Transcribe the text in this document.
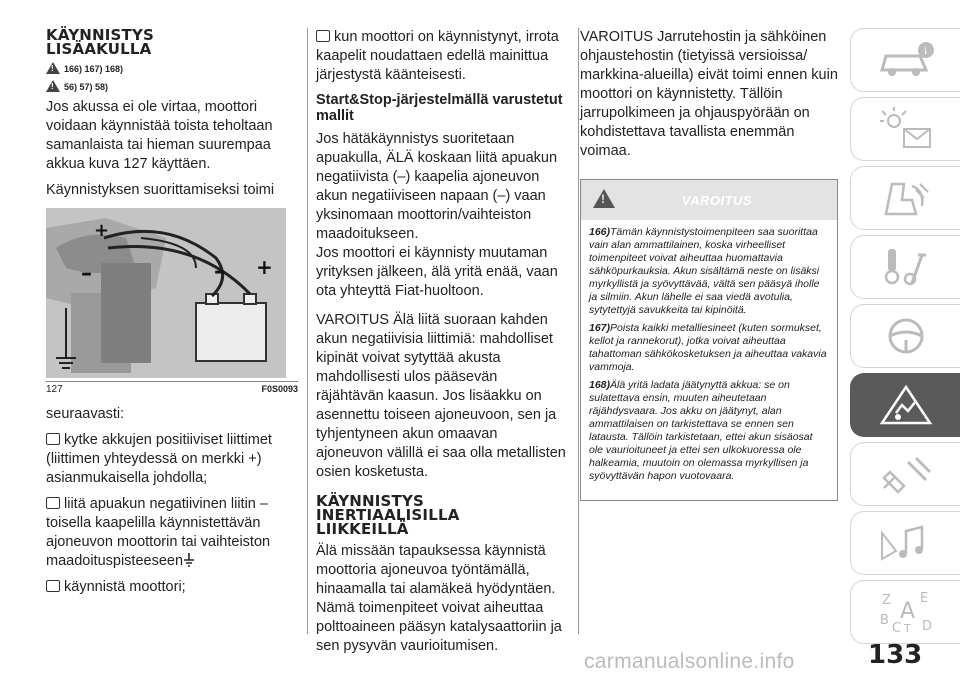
KÄYNNISTYS
LISÄAKULLA
!
166) 167) 168)
!
56) 57) 58)

Jos akussa ei ole virtaa, moottori voidaan käynnistää toista teholtaan samanlaista tai hieman suurempaa akkua kuva 127 käyttäen.

Käynnistyksen suorittamiseksi toimi

+
–	– +
127	F0S0093

seuraavasti:

kytke akkujen positiiviset liittimet (liittimen yhteydessä on merkki +) asianmukaisella johdolla;

liitä apuakun negatiivinen liitin – toisella kaapelilla käynnistettävän ajoneuvon moottorin tai vaihteiston maadoituspisteeseen

käynnistä moottori;

kun moottori on käynnistynyt, irrota kaapelit noudattaen edellä mainittua järjestystä käänteisesti.

Start&Stop-järjestelmällä varustetut mallit

Jos hätäkäynnistys suoritetaan apuakulla, ÄLÄ koskaan liitä apuakun negatiivista (–) kaapelia ajoneuvon akun negatiiviseen napaan (–) vaan yksinomaan moottorin/vaihteiston maadoitukseen.

Jos moottori ei käynnisty muutaman yrityksen jälkeen, älä yritä enää, vaan ota yhteyttä Fiat-huoltoon.

VAROITUS Älä liitä suoraan kahden akun negatiivisia liittimiä: mahdolliset kipinät voivat sytyttää akusta mahdollisesti ulos pääsevän räjähtävän kaasun. Jos lisäakku on asennettu toiseen ajoneuvoon, sen ja tyhjentyneen akun omaavan ajoneuvon välillä ei saa olla metallisten osien kosketusta.

KÄYNNISTYS
INERTIAALISILLA
LIIKKEILLÄ

Älä missään tapauksessa käynnistä moottoria ajoneuvoa työntämällä, hinaamalla tai alamäkeä hyödyntäen. Nämä toimenpiteet voivat aiheuttaa polttoaineen pääsyn katalysaattoriin ja sen pysyvän vaurioitumisen.

VAROITUS Jarrutehostin ja sähköinen ohjaustehostin (tietyissä versioissa/ markkina-alueilla) eivät toimi ennen kuin moottori on käynnistetty. Tällöin jarrupolkimeen ja ohjauspyörään on kohdistettava tavallista enemmän voimaa.

!
VAROITUS

166)Tämän käynnistystoimenpiteen saa suorittaa vain alan ammattilainen, koska virheelliset toimenpiteet voivat aiheuttaa huomattavia sähköpurkauksia. Akun sisältämä neste on lisäksi myrkyllistä ja syövyttävää, vältä sen pääsyä iholle ja silmiin. Akun lähelle ei saa viedä avotulia, sytytettyjä savukkeita tai kipinöitä.

167)Poista kaikki metalliesineet (kuten sormukset, kellot ja rannekorut), jotka voivat aiheuttaa tahattoman sähkökosketuksen ja aiheuttaa vakavia vammoja.

168)Älä yritä ladata jäätynyttä akkua: se on sulatettava ensin, muuten aiheutetaan räjähdysvaara. Jos akku on jäätynyt, alan ammattilaisen on tarkistettava se ennen sen latausta. Tällöin tarkistetaan, ettei akun sisäosat ole vaurioituneet ja ettei sen ulkokuoressa ole halkeamia, muutoin on olemassa myrkyllisen ja syövyttävän hapon vuotovaara.

i
Z E
A
B
C T D
133
carmanualsonline.info
